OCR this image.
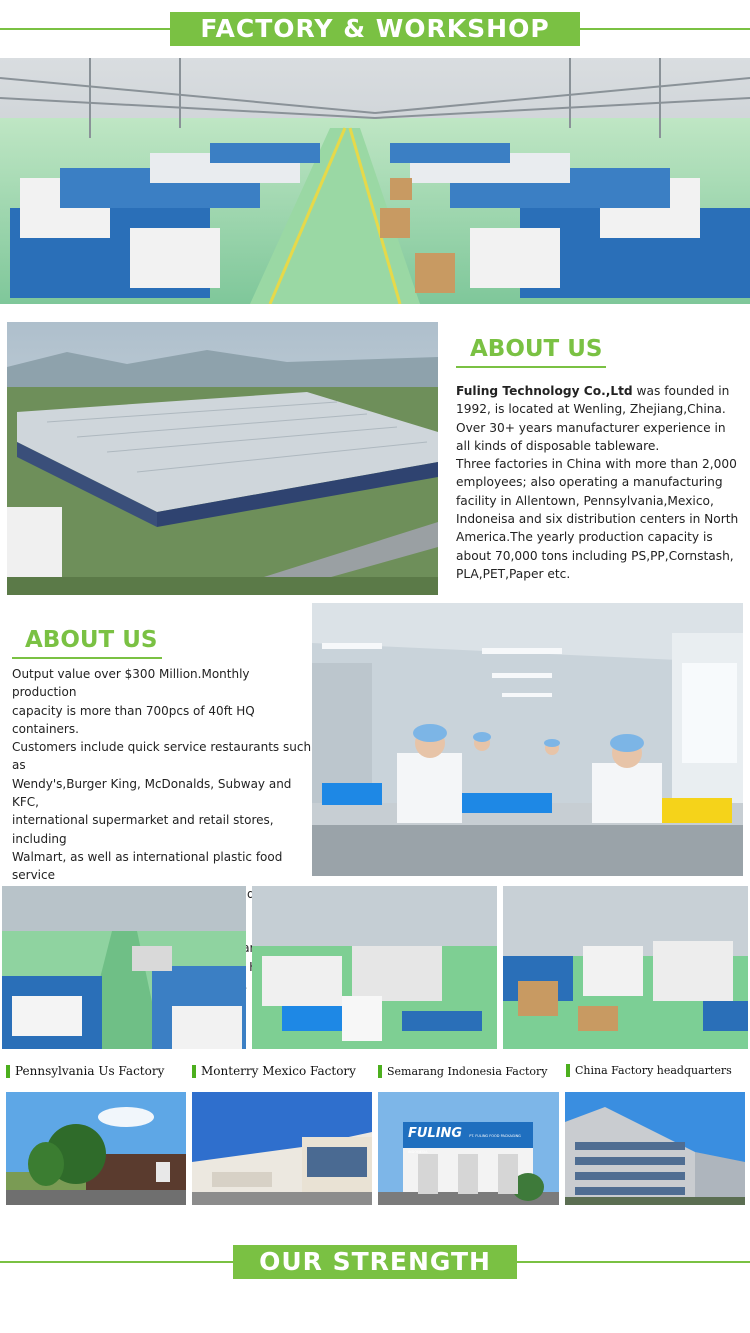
FACTORY & WORKSHOP
ABOUT US
Fuling Technology Co.,Ltd was founded in
1992, is located at Wenling, Zhejiang,China.
Over 30+ years manufacturer experience in
all kinds of disposable tableware.
Three factories in China with more than 2,000
employees; also operating a manufacturing
facility in Allentown, Pennsylvania,Mexico,
Indoneisa and six distribution centers in North
America.The yearly production capacity is
about 70,000 tons including PS,PP,Cornstash,
PLA,PET,Paper etc.
ABOUT US
Output value over $300 Million.Monthly production
capacity is more than 700pcs of 40ft HQ containers.
Customers include quick service restaurants such as
Wendy's,Burger King, McDonalds, Subway and KFC,
international supermarket and retail stores, including
Walmart, as well as international plastic food service
Pennsylvania Us Factory	Monterry Mexico Factory	Semarang Indonesia Factory	China Factory headquarters
FULING PT. FULING FOOD PACKAGING INDONESIA
OUR STRENGTH
